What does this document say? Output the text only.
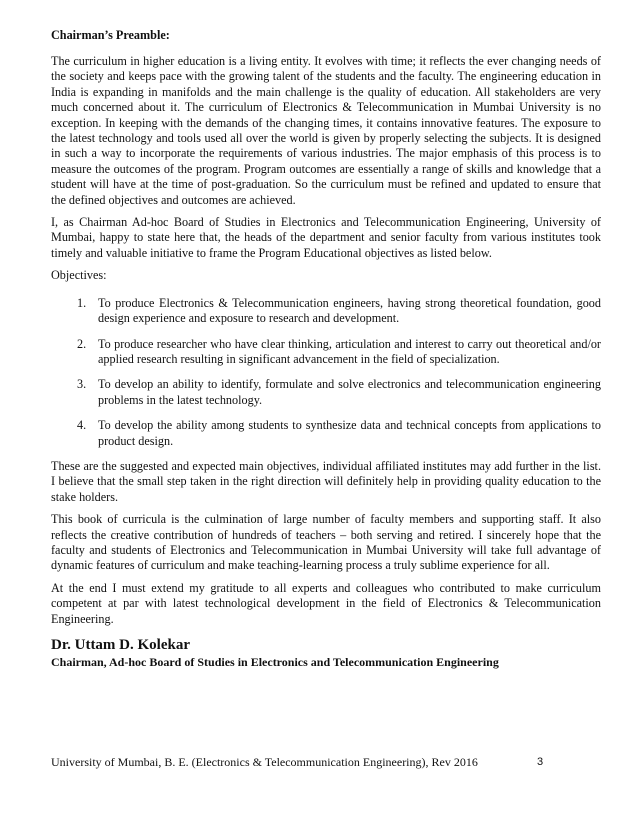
Chairman’s Preamble:

The curriculum in higher education is a living entity. It evolves with time; it reflects the ever changing needs of the society and keeps pace with the growing talent of the students and the faculty. The engineering education in India is expanding in manifolds and the main challenge is the quality of education. All stakeholders are very much concerned about it. The curriculum of Electronics & Telecommunication in Mumbai University is no exception. In keeping with the demands of the changing times, it contains innovative features. The exposure to the latest technology and tools used all over the world is given by properly selecting the subjects. It is designed in such a way to incorporate the requirements of various industries. The major emphasis of this process is to measure the outcomes of the program. Program outcomes are essentially a range of skills and knowledge that a student will have at the time of post-graduation. So the curriculum must be refined and updated to ensure that the defined objectives and outcomes are achieved.

I, as Chairman Ad-hoc Board of Studies in Electronics and Telecommunication Engineering, University of Mumbai, happy to state here that, the heads of the department and senior faculty from various institutes took timely and valuable initiative to frame the Program Educational objectives as listed below.

Objectives:

1. To produce Electronics & Telecommunication engineers, having strong theoretical foundation, good design experience and exposure to research and development.
2. To produce researcher who have clear thinking, articulation and interest to carry out theoretical and/or applied research resulting in significant advancement in the field of specialization.
3. To develop an ability to identify, formulate and solve electronics and telecommunication engineering problems in the latest technology.
4. To develop the ability among students to synthesize data and technical concepts from applications to product design.

These are the suggested and expected main objectives, individual affiliated institutes may add further in the list. I believe that the small step taken in the right direction will definitely help in providing quality education to the stake holders.

This book of curricula is the culmination of large number of faculty members and supporting staff. It also reflects the creative contribution of hundreds of teachers – both serving and retired. I sincerely hope that the faculty and students of Electronics and Telecommunication in Mumbai University will take full advantage of dynamic features of curriculum and make teaching-learning process a truly sublime experience for all.

At the end I must extend my gratitude to all experts and colleagues who contributed to make curriculum competent at par with latest technological development in the field of Electronics & Telecommunication Engineering.

Dr. Uttam D. Kolekar
Chairman, Ad-hoc Board of Studies in Electronics and Telecommunication Engineering
University of Mumbai, B. E. (Electronics & Telecommunication Engineering), Rev 2016	3
